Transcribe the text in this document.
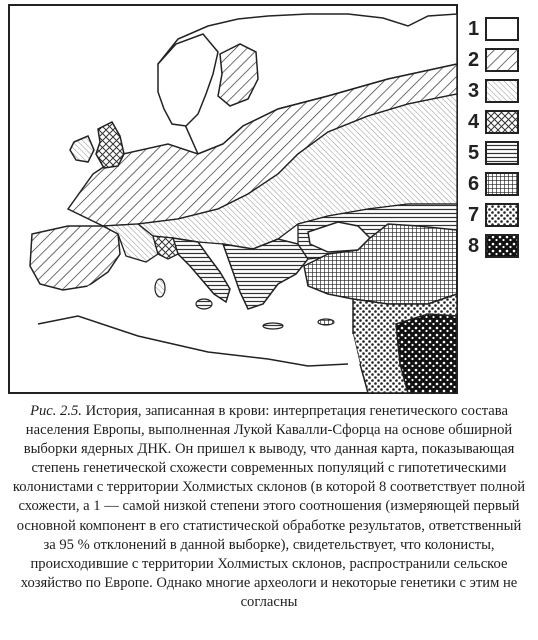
1
2
3
4
5
6
7
8
Рис. 2.5. История, записанная в крови: интерпретация генетического состава населения Европы, выполненная Лукой Кавалли-Сфорца на основе обширной выборки ядерных ДНК. Он пришел к выводу, что данная карта, показывающая степень генетической схожести современных популяций с гипотетическими колонистами с территории Холмистых склонов (в которой 8 соответствует полной схожести, а 1 — самой низкой степени этого соотношения (измеряющей первый основной компонент в его статистической обработке результатов, ответственный за 95 % отклонений в данной выборке), свидетельствует, что колонисты, происходившие с территории Холмистых склонов, распространили сельское хозяйство по Европе. Однако многие археологи и некоторые генетики с этим не согласны
